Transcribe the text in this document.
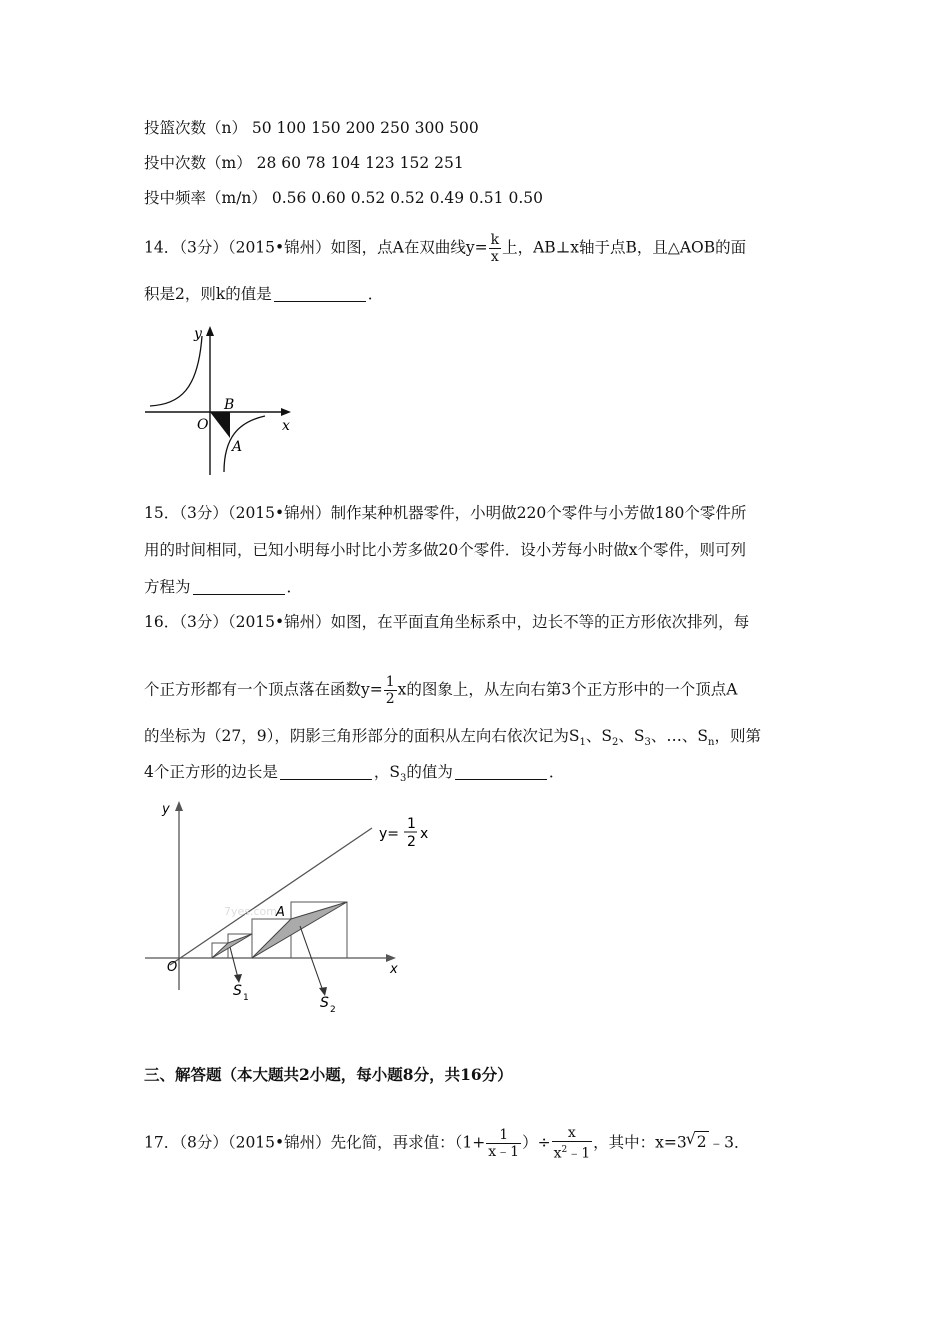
投篮次数（n） 50 100 150 200 250 300 500
投中次数（m） 28 60 78 104 123 152 251
投中频率（m/n） 0.56 0.60 0.52 0.52 0.49 0.51 0.50
14．（3分）（2015•锦州）如图，点A在双曲线$y= \frac{k}{x}$ 上，AB⊥x轴于点B，且△AOB的面
积是2，则k的值是	．
O
B
A
y
x
15．（3分）（2015•锦州）制作某种机器零件，小明做220个零件与小芳做180个零件所
用的时间相同，已知小明每小时比小芳多做20个零件．设小芳每小时做x个零件，则可列
方程为	．
16．（3分）（2015•锦州）如图，在平面直角坐标系中，边长不等的正方形依次排列，每
个正方形都有一个顶点落在函数$y= \frac{1}{2}$ x的图象上，从左向右第3个正方形中的一个顶点A
的坐标为（27，9），阴影三角形部分的面积从左向右依次记为$S_1$、$S_2$、$S_3$、…、$S_n$，则第
4个正方形的边长是	，$S_3$的值为	．
O
y
x
A
7yes.com
S 1	S 2
y=
1
2 x
三、解答题（本大题共2小题，每小题8分，共16分）
17．（8分）（2015•锦州）先化简，再求值：（$1+ \frac{1}{x﹣1}$ ）÷ $\frac{x}{x^2﹣1}$ ，其中：x=3 √ 2 ﹣3．
